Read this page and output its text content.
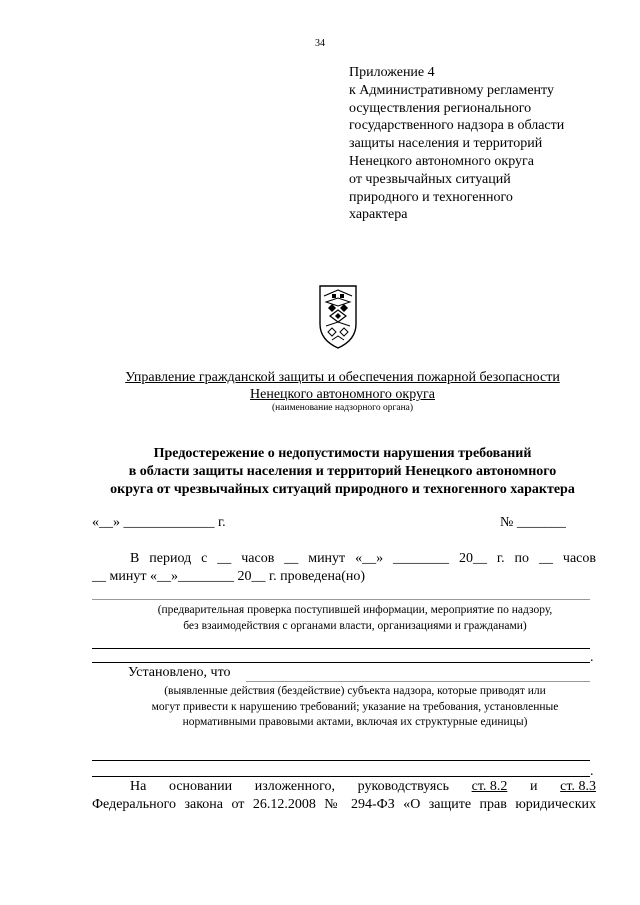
34
Приложение 4
к Административному регламенту
осуществления регионального
государственного надзора в области
защиты населения и территорий
Ненецкого автономного округа
от чрезвычайных ситуаций
природного и техногенного
характера
Управление гражданской защиты и обеспечения пожарной безопасности
Ненецкого автономного округа
(наименование надзорного органа)
Предостережение о недопустимости нарушения требований
в области защиты населения и территорий Ненецкого автономного
округа от чрезвычайных ситуаций природного и техногенного характера
«__» _____________ г.	№ _______
В период с __ часов __ минут «__» ________ 20__ г. по __ часов
__ минут «__»________ 20__ г. проведена(но)
(предварительная проверка поступившей информации, мероприятие по надзору,
без взаимодействия с органами власти, организациями и гражданами)
.
Установлено, что
(выявленные действия (бездействие) субъекта надзора, которые приводят или
могут привести к нарушению требований; указание на требования, установленные
нормативными правовыми актами, включая их структурные единицы)
.
На основании изложенного, руководствуясь ст. 8.2 и ст. 8.3
Федерального закона от 26.12.2008 № 294-ФЗ «О защите прав юридических
